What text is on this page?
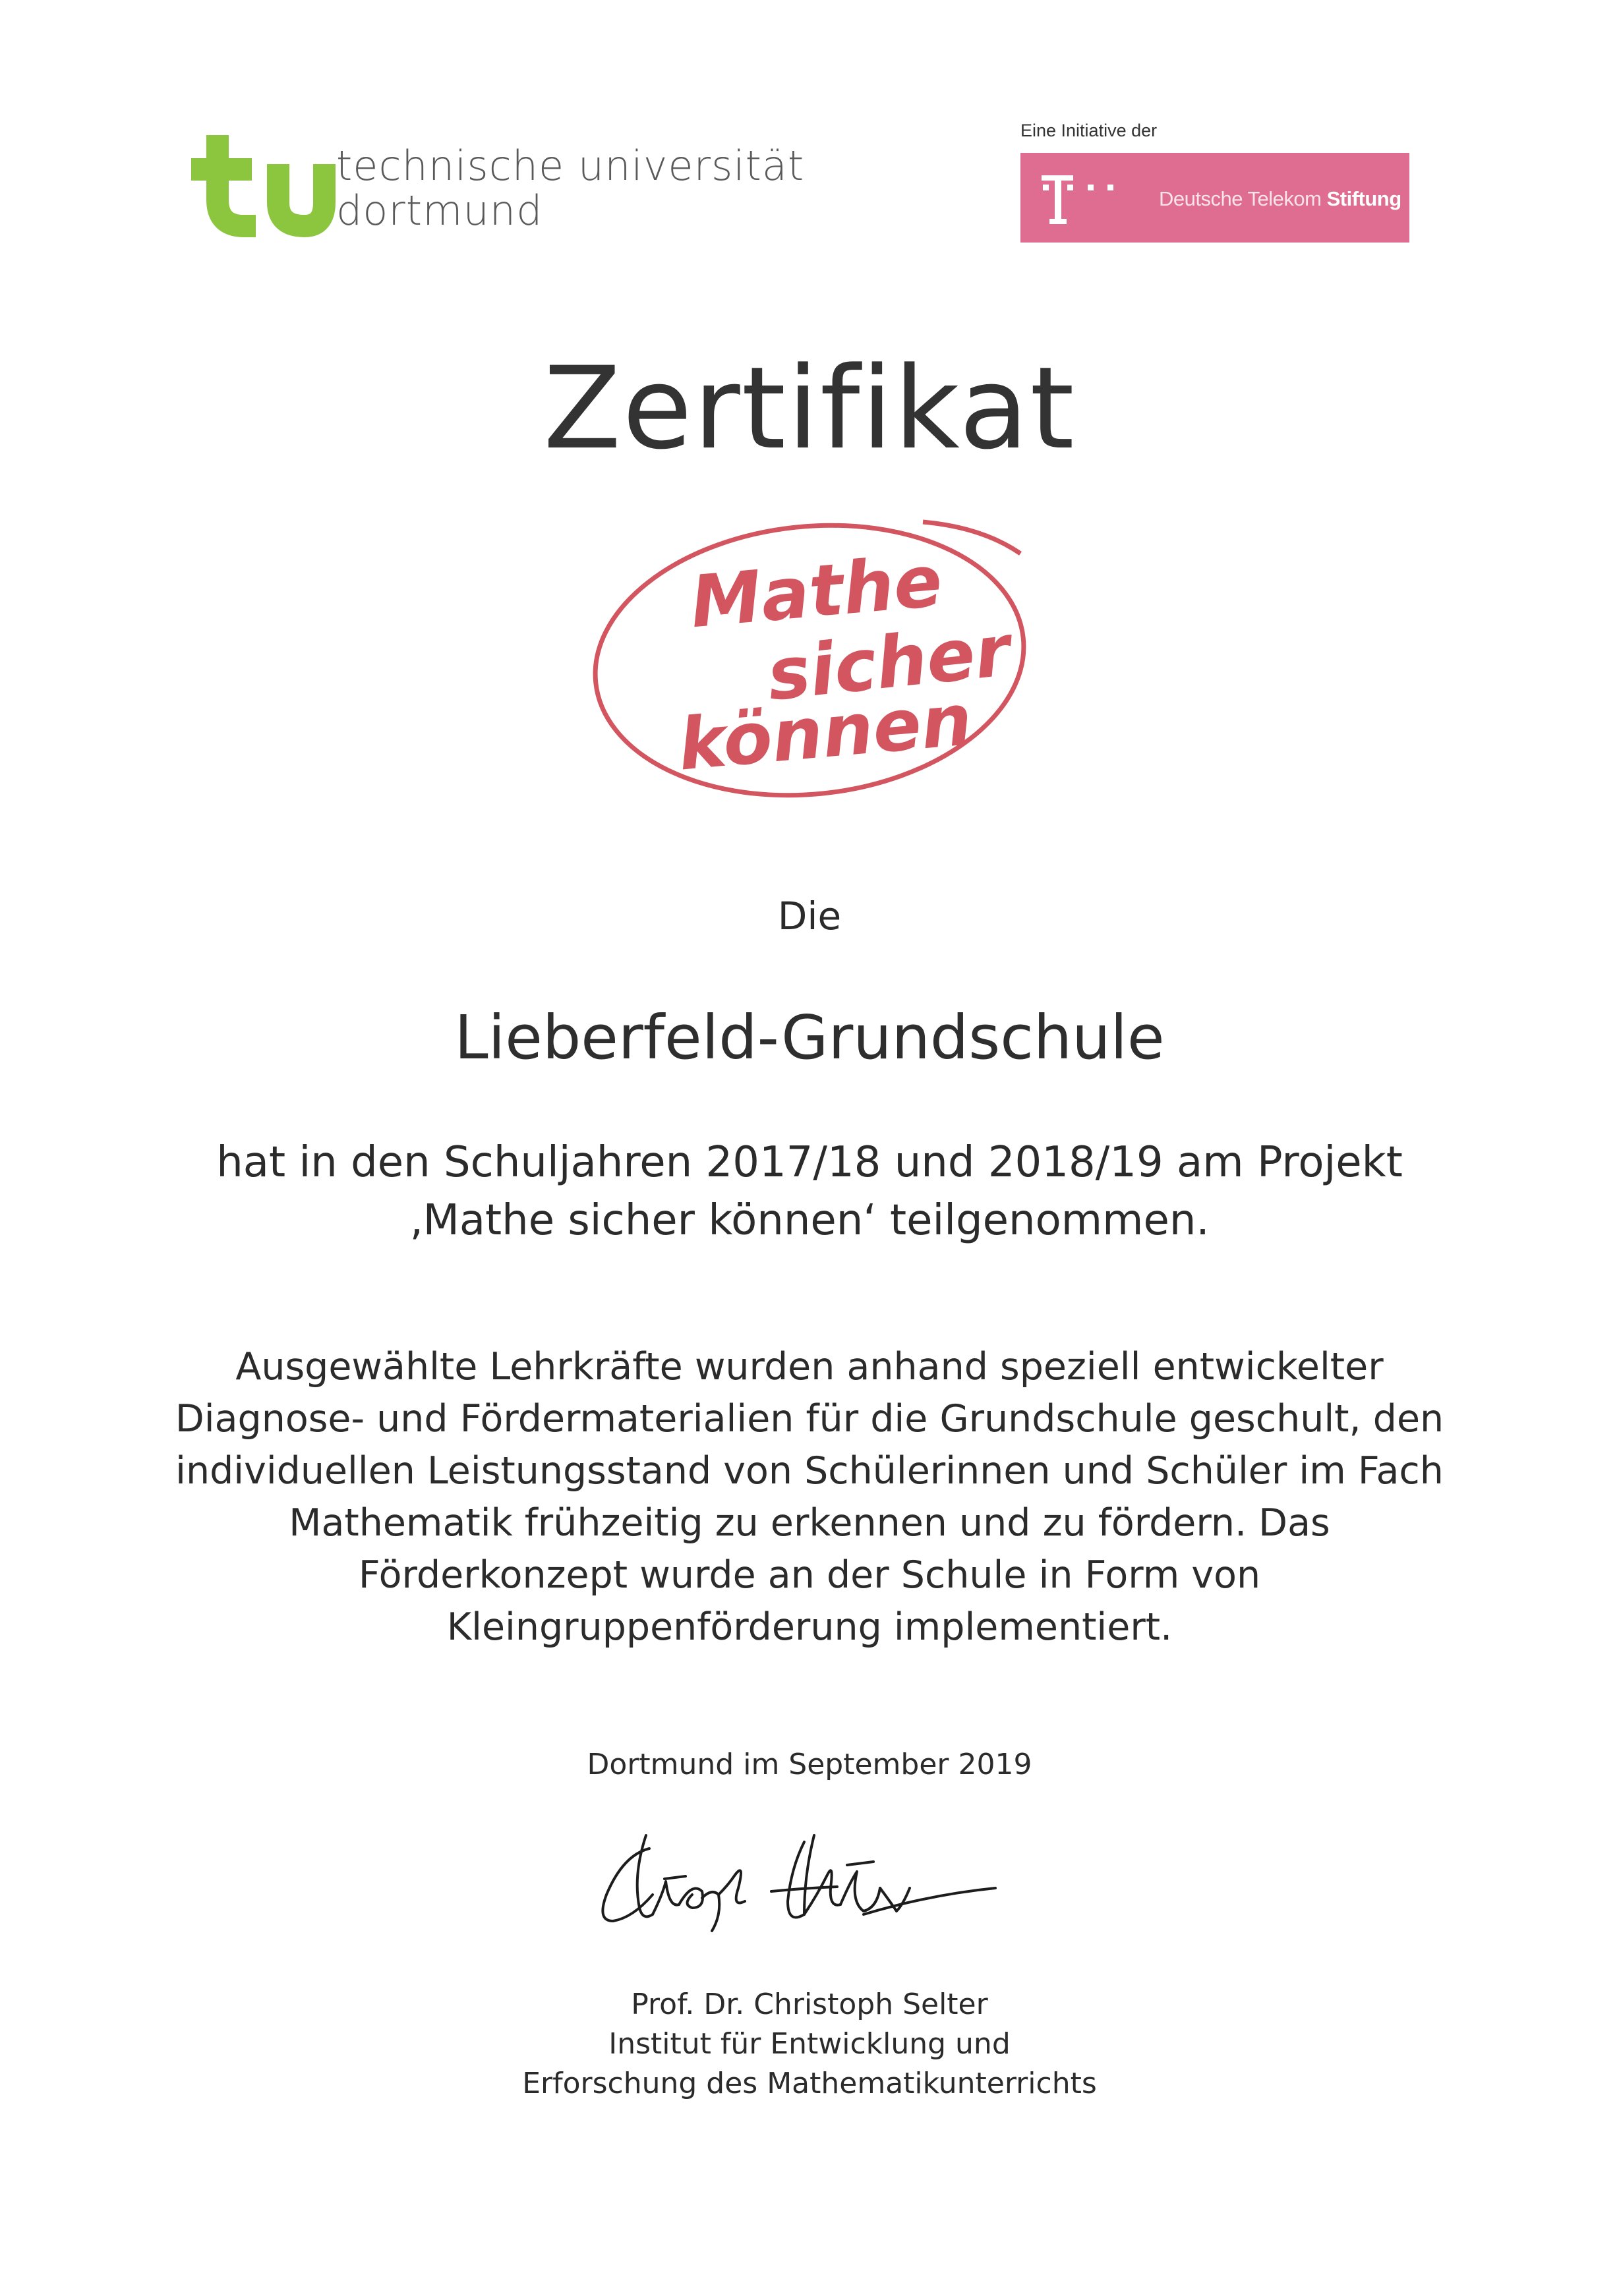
technische universität
dortmund
Eine Initiative der
Deutsche Telekom Stiftung
Zertifikat
Mathe
sicher
können
Die
Lieberfeld-Grundschule
hat in den Schuljahren 2017/18 und 2018/19 am Projekt
‚Mathe sicher können‘ teilgenommen.
Ausgewählte Lehrkräfte wurden anhand speziell entwickelter
Diagnose- und Fördermaterialien für die Grundschule geschult, den
individuellen Leistungsstand von Schülerinnen und Schüler im Fach
Mathematik frühzeitig zu erkennen und zu fördern. Das
Förderkonzept wurde an der Schule in Form von
Kleingruppenförderung implementiert.
Dortmund im September 2019
Prof. Dr. Christoph Selter
Institut für Entwicklung und
Erforschung des Mathematikunterrichts
